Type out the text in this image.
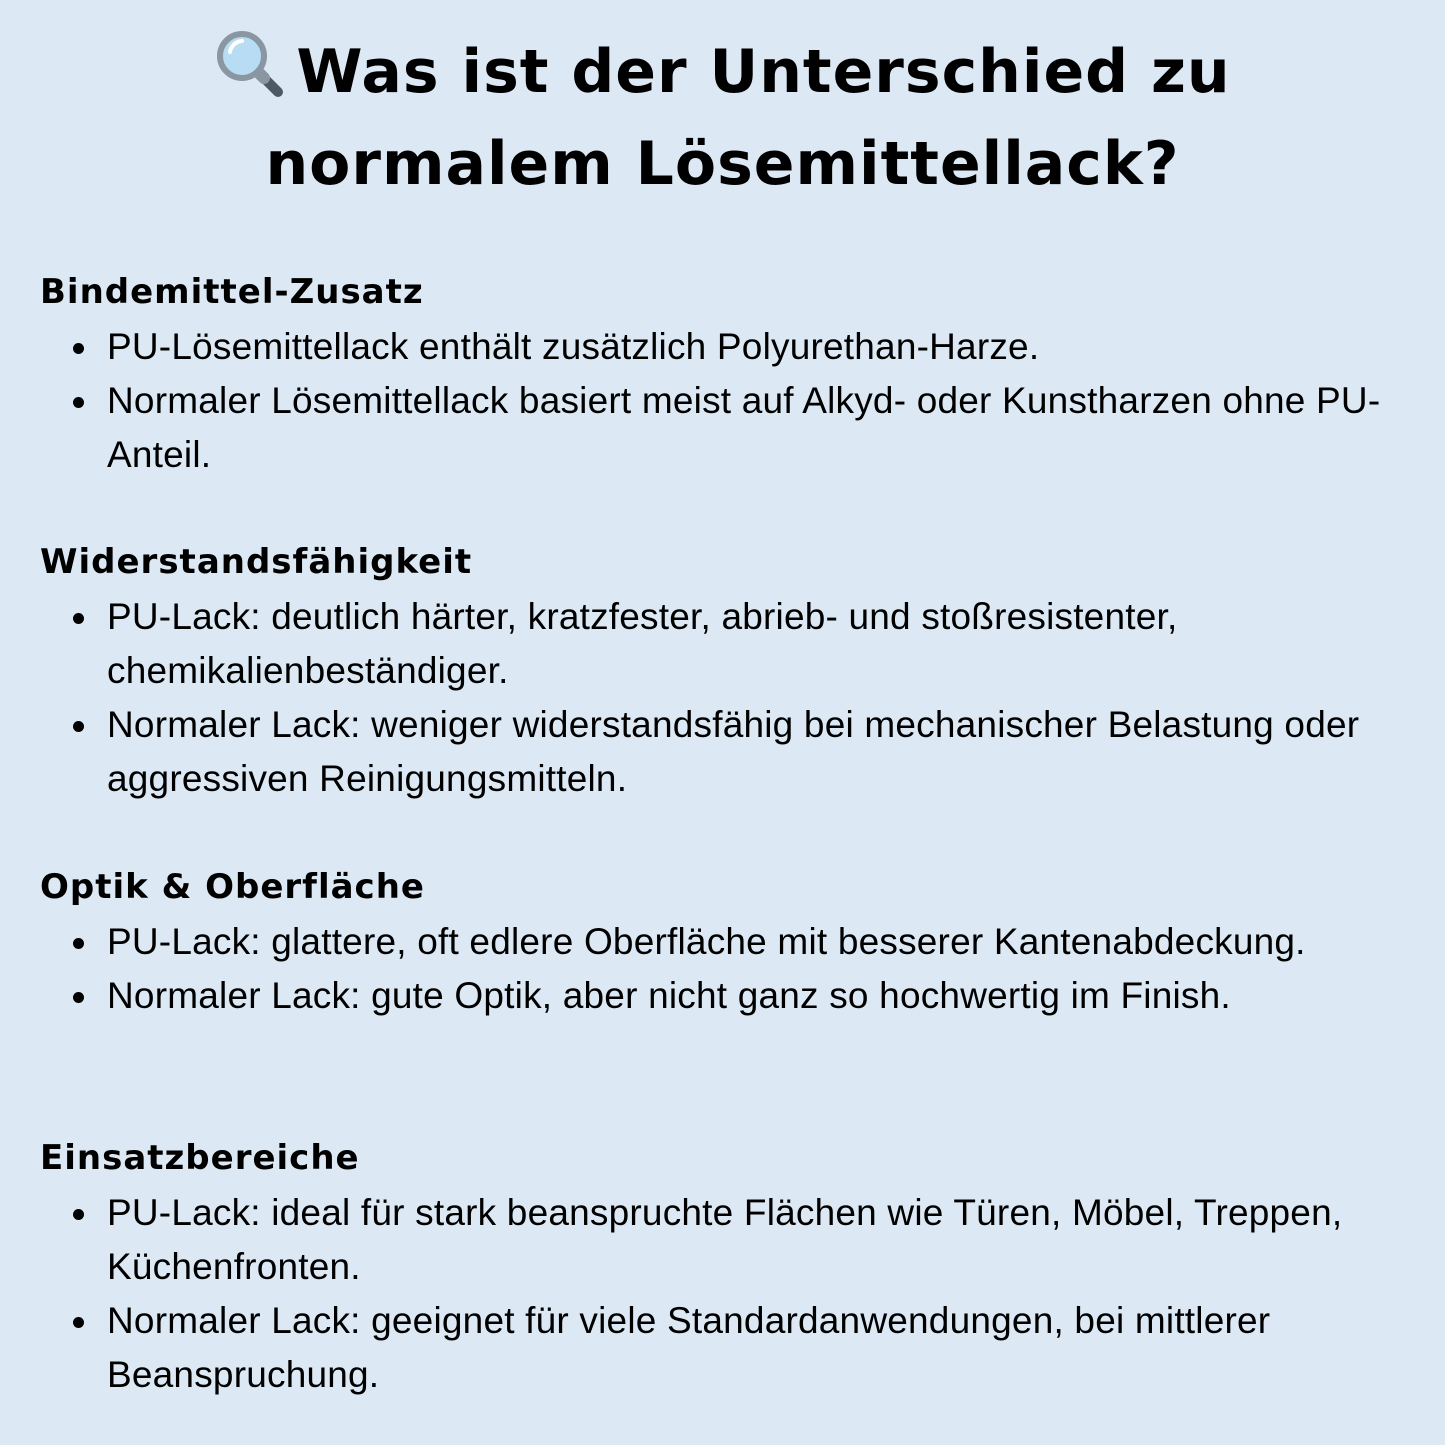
Was ist der Unterschied zu
normalem Lösemittellack?
Bindemittel-Zusatz
PU-Lösemittellack enthält zusätzlich Polyurethan-Harze.
Normaler Lösemittellack basiert meist auf Alkyd- oder Kunstharzen ohne PU-Anteil.
Widerstandsfähigkeit
PU-Lack: deutlich härter, kratzfester, abrieb- und stoßresistenter, chemikalienbeständiger.
Normaler Lack: weniger widerstandsfähig bei mechanischer Belastung oder aggressiven Reinigungsmitteln.
Optik & Oberfläche
PU-Lack: glattere, oft edlere Oberfläche mit besserer Kantenabdeckung.
Normaler Lack: gute Optik, aber nicht ganz so hochwertig im Finish.
Einsatzbereiche
PU-Lack: ideal für stark beanspruchte Flächen wie Türen, Möbel, Treppen, Küchenfronten.
Normaler Lack: geeignet für viele Standardanwendungen, bei mittlerer Beanspruchung.
